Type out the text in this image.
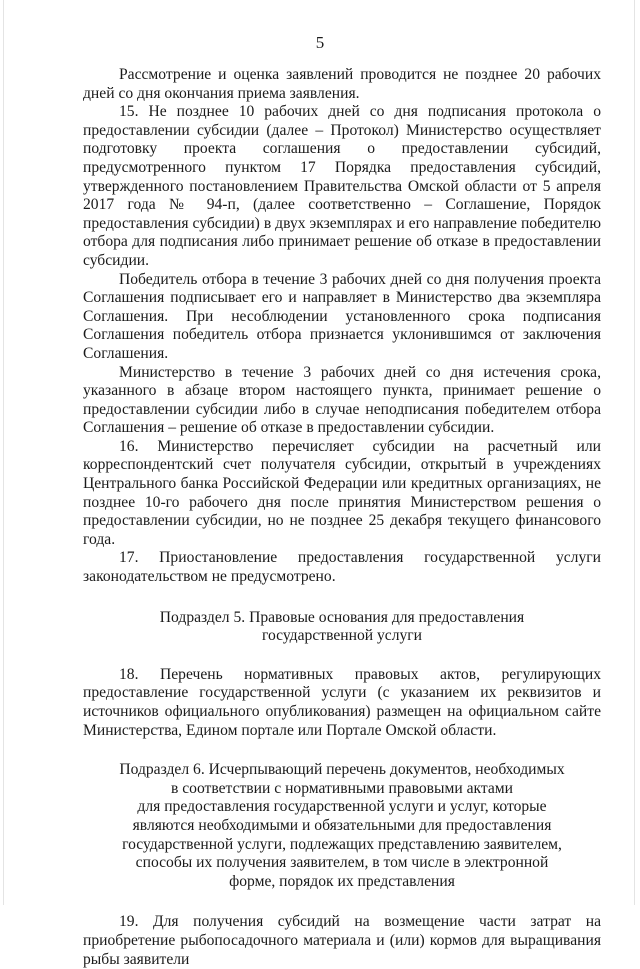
5

Рассмотрение и оценка заявлений проводится не позднее 20 рабочих дней со дня окончания приема заявления.

15. Не позднее 10 рабочих дней со дня подписания протокола о предоставлении субсидии (далее – Протокол) Министерство осуществляет подготовку проекта соглашения о предоставлении субсидий, предусмотренного пунктом 17 Порядка предоставления субсидий, утвержденного постановлением Правительства Омской области от 5 апреля 2017 года № 94-п, (далее соответственно – Соглашение, Порядок предоставления субсидии) в двух экземплярах и его направление победителю отбора для подписания либо принимает решение об отказе в предоставлении субсидии.

Победитель отбора в течение 3 рабочих дней со дня получения проекта Соглашения подписывает его и направляет в Министерство два экземпляра Соглашения. При несоблюдении установленного срока подписания Соглашения победитель отбора признается уклонившимся от заключения Соглашения.

Министерство в течение 3 рабочих дней со дня истечения срока, указанного в абзаце втором настоящего пункта, принимает решение о предоставлении субсидии либо в случае неподписания победителем отбора Соглашения – решение об отказе в предоставлении субсидии.

16. Министерство перечисляет субсидии на расчетный или корреспондентский счет получателя субсидии, открытый в учреждениях Центрального банка Российской Федерации или кредитных организациях, не позднее 10-го рабочего дня после принятия Министерством решения о предоставлении субсидии, но не позднее 25 декабря текущего финансового года.

17. Приостановление предоставления государственной услуги законодательством не предусмотрено.

Подраздел 5. Правовые основания для предоставления
государственной услуги

18. Перечень нормативных правовых актов, регулирующих предоставление государственной услуги (с указанием их реквизитов и источников официального опубликования) размещен на официальном сайте Министерства, Едином портале или Портале Омской области.

Подраздел 6. Исчерпывающий перечень документов, необходимых
в соответствии с нормативными правовыми актами
для предоставления государственной услуги и услуг, которые
являются необходимыми и обязательными для предоставления
государственной услуги, подлежащих представлению заявителем,
способы их получения заявителем, в том числе в электронной
форме, порядок их представления

19. Для получения субсидий на возмещение части затрат на приобретение рыбопосадочного материала и (или) кормов для выращивания рыбы заявители
